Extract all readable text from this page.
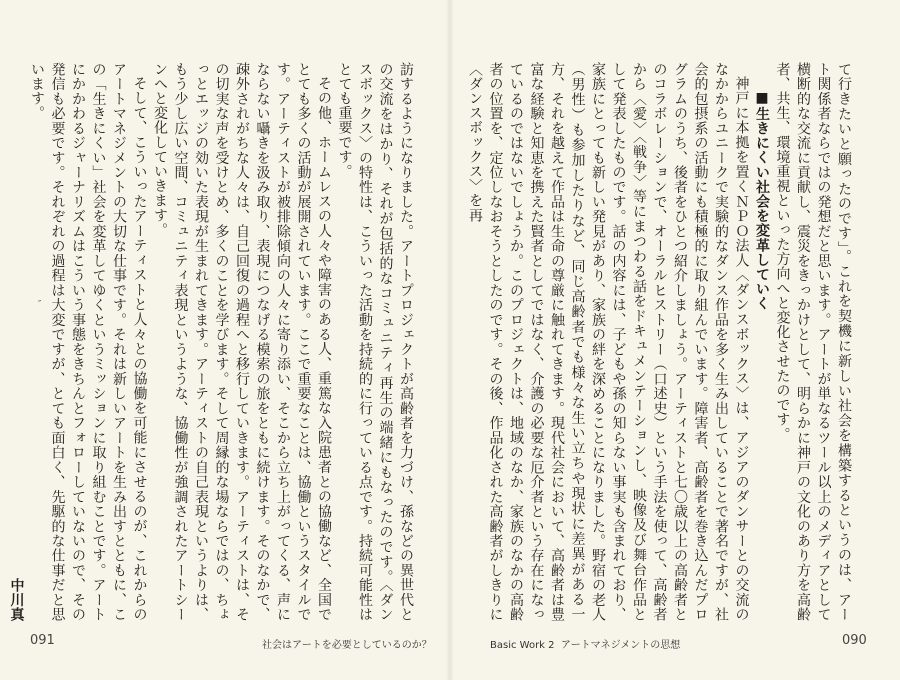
て行きたいと願ったのです」。これを契機に新しい社会を構築するというのは、アート関係者ならではの発想だと思います。アートが単なるツール以上のメディアとして横断的な交流に貢献し、震災をきっかけとして、明らかに神戸の文化のあり方を高齢者、共生、環境重視といった方向へと変化させたのです。

■生きにくい社会を変革していく

神戸に本拠を置くＮＰＯ法人〈ダンスボックス〉は、アジアのダンサーとの交流のなかからユニークで実験的なダンス作品を多く生み出していることで著名ですが、社会的包摂系の活動にも積極的に取り組んでいます。障害者、高齢者を巻き込んだプログラムのうち、後者をひとつ紹介しましょう。アーティストと七〇歳以上の高齢者とのコラボレーションで、オーラルヒストリー（口述史）という手法を使って、高齢者から〈愛〉〈戦争〉等にまつわる話をドキュメンテーションし、映像及び舞台作品として発表したものです。話の内容には、子どもや孫の知らない事実も含まれており、家族にとっても新しい発見があり、家族の絆を深めることになりました。野宿の老人（男性）も参加したりなど、同じ高齢者でも様々な生い立ちや現状に差異がある一方、それを越えて作品は生命の尊厳に触れてきます。現代社会において、高齢者は豊富な経験と知恵を携えた賢者としてではなく、介護の必要な厄介者という存在になっているのではないでしょうか。このプロジェクトは、地域のなか、家族のなかの高齢者の位置を、定位しなおそうとしたのです。その後、作品化された高齢者がしきりに〈ダンスボックス〉を再

Basic Work 2 アートマネジメントの思想	090

訪するようになりました。アートプロジェクトが高齢者を力づけ、孫などの異世代との交流をはかり、それが包括的なコミュニティ再生の端緒にもなったのです。〈ダンスボックス〉の特性は、こういった活動を持続的に行っている点です。持続可能性はとても重要です。

その他、ホームレスの人々や障害のある人、重篤な入院患者との協働など、全国でとても多くの活動が展開されています。ここで重要なことは、協働というスタイルです。アーティストが被排除傾向の人々に寄り添い、そこから立ち上がってくる、声にならない囁きを汲み取り、表現につなげる模索の旅をともに続けます。そのなかで、疎外されがちな人々は、自己回復の過程へと移行していきます。アーティストは、その切実な声を受けとめ、多くのことを学びます。そして周縁的な場ならではの、ちょっとエッジの効いた表現が生まれてきます。アーティストの自己表現というよりは、もう少し広い空間、コミュニティ表現というような、協働性が強調されたアートシーンへと変化していきます。

そして、こういったアーティストと人々との協働を可能にさせるのが、これからのアートマネジメントの大切な仕事です。それは新しいアートを生み出すとともに、この「生きにくい」社会を変革してゆくというミッションに取り組むことです。アートにかかわるジャーナリズムはこういう事態をきちんとフォローしていないので、その発信も必要です。それぞれの過程は大変ですが、とても面白く、先駆的な仕事だと思います。

中川真

″
091	社会はアートを必要としているのか？
